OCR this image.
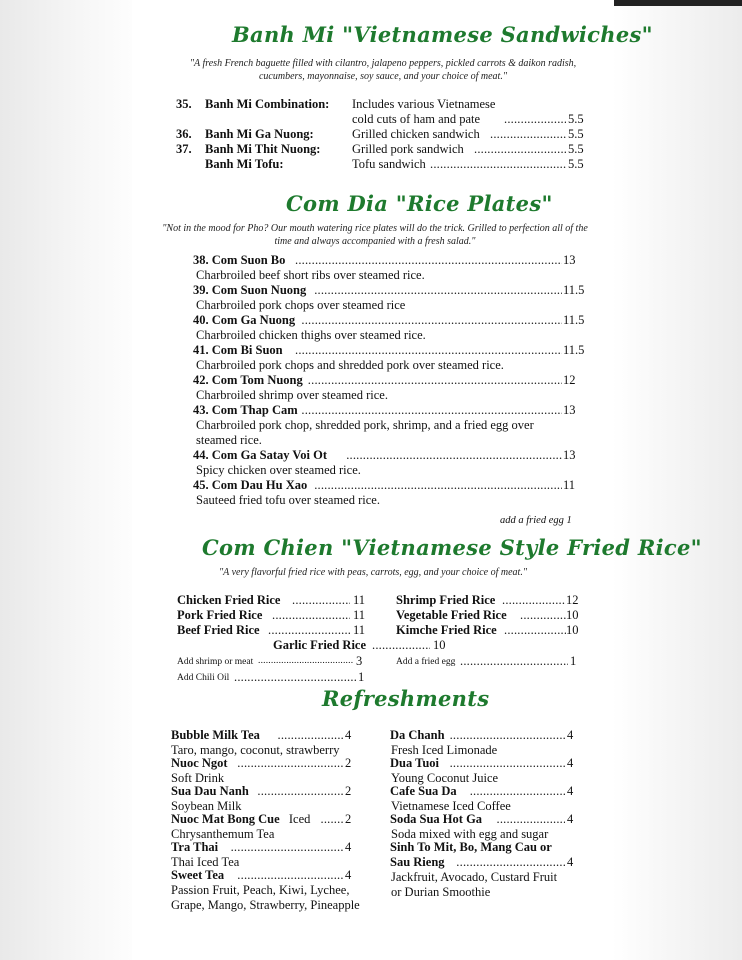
Banh Mi "Vietnamese Sandwiches"
"A fresh French baguette filled with cilantro, jalapeno peppers, pickled carrots & daikon radish, cucumbers, mayonnaise, soy sauce, and your choice of meat."
35. Banh Mi Combination: Includes various Vietnamese
cold cuts of ham and pate .....	5.5
36. Banh Mi Ga Nuong:	Grilled chicken sandwich .....	5.5
37. Banh Mi Thit Nuong:	Grilled pork sandwich .....	5.5
Banh Mi Tofu:	Tofu sandwich .....	5.5
Com Dia "Rice Plates"
"Not in the mood for Pho? Our mouth watering rice plates will do the trick. Grilled to perfection all of the time and always accompanied with a fresh salad."
38. Com Suon Bo .....	13
Charbroiled beef short ribs over steamed rice.
39. Com Suon Nuong .....	11.5
Charbroiled pork chops over steamed rice
40. Com Ga Nuong .....	11.5
Charbroiled chicken thighs over steamed rice.
41. Com Bi Suon .....	11.5
Charbroiled pork chops and shredded pork over steamed rice.
42. Com Tom Nuong .....	12
Charbroiled shrimp over steamed rice.
43. Com Thap Cam .....	13
Charbroiled pork chop, shredded pork, shrimp, and a fried egg over
steamed rice.
44. Com Ga Satay Voi Ot .....	13
Spicy chicken over steamed rice.
45. Com Dau Hu Xao .....	11
Sauteed fried tofu over steamed rice.
add a fried egg 1
Com Chien "Vietnamese Style Fried Rice"
"A very flavorful fried rice with peas, carrots, egg, and your choice of meat."
Chicken Fried Rice .....	11
Pork Fried Rice .....	11
Beef Fried Rice .....	11
Shrimp Fried Rice .....	12
Vegetable Fried Rice .....	10
Kimche Fried Rice .....	10
Garlic Fried Rice .....	10
Add shrimp or meat .....	3	Add a fried egg .....	1
Add Chili Oil .....	1
Refreshments
Bubble Milk Tea .....	4
Taro, mango, coconut, strawberry
Nuoc Ngot .....	2
Soft Drink
Sua Dau Nanh .....	2
Soybean Milk
Nuoc Mat Bong Cue Iced .....	2
Chrysanthemum Tea
Tra Thai .....	4
Thai Iced Tea
Sweet Tea .....	4
Passion Fruit, Peach, Kiwi, Lychee,
Grape, Mango, Strawberry, Pineapple
Da Chanh .....	4
Fresh Iced Limonade
Dua Tuoi .....	4
Young Coconut Juice
Cafe Sua Da .....	4
Vietnamese Iced Coffee
Soda Sua Hot Ga .....	4
Soda mixed with egg and sugar
Sinh To Mit, Bo, Mang Cau or
Sau Rieng .....	4
Jackfruit, Avocado, Custard Fruit
or Durian Smoothie
